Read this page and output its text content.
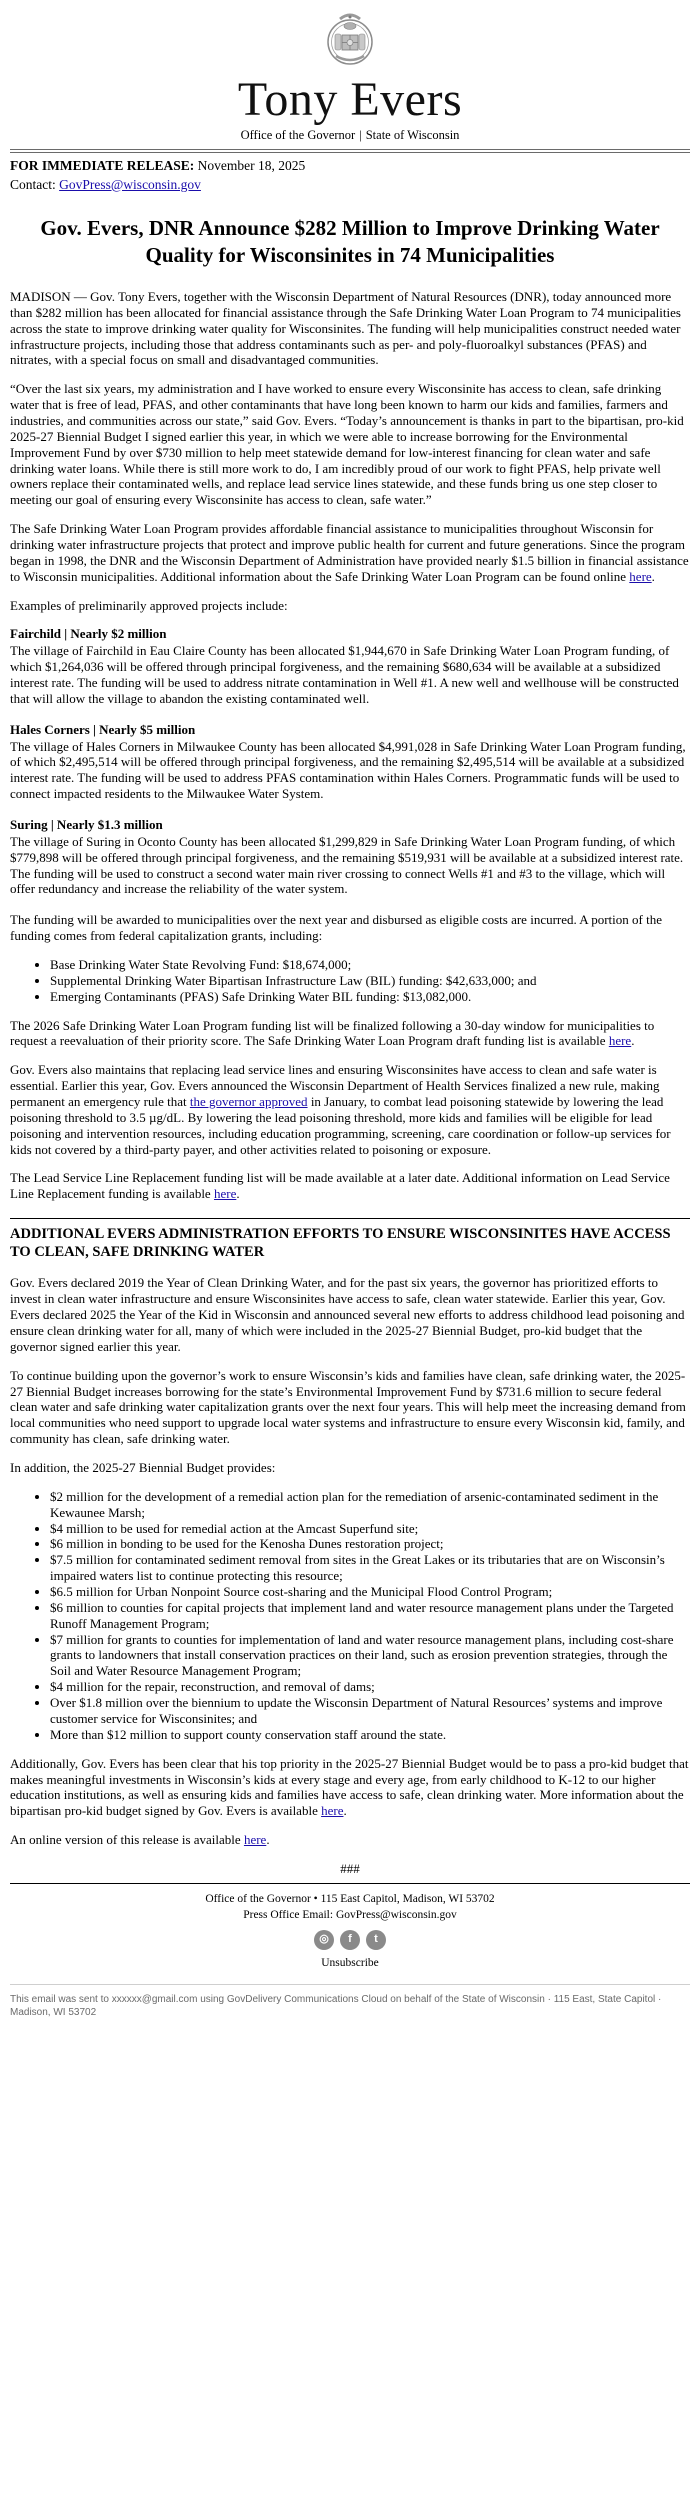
Tony Evers
Office of the Governor | State of Wisconsin
FOR IMMEDIATE RELEASE: November 18, 2025
Contact: GovPress@wisconsin.gov
Gov. Evers, DNR Announce $282 Million to Improve Drinking Water Quality for Wisconsinites in 74 Municipalities

MADISON — Gov. Tony Evers, together with the Wisconsin Department of Natural Resources (DNR), today announced more than $282 million has been allocated for financial assistance through the Safe Drinking Water Loan Program to 74 municipalities across the state to improve drinking water quality for Wisconsinites. The funding will help municipalities construct needed water infrastructure projects, including those that address contaminants such as per- and poly-fluoroalkyl substances (PFAS) and nitrates, with a special focus on small and disadvantaged communities.

“Over the last six years, my administration and I have worked to ensure every Wisconsinite has access to clean, safe drinking water that is free of lead, PFAS, and other contaminants that have long been known to harm our kids and families, farmers and industries, and communities across our state,” said Gov. Evers. “Today’s announcement is thanks in part to the bipartisan, pro-kid 2025-27 Biennial Budget I signed earlier this year, in which we were able to increase borrowing for the Environmental Improvement Fund by over $730 million to help meet statewide demand for low-interest financing for clean water and safe drinking water loans. While there is still more work to do, I am incredibly proud of our work to fight PFAS, help private well owners replace their contaminated wells, and replace lead service lines statewide, and these funds bring us one step closer to meeting our goal of ensuring every Wisconsinite has access to clean, safe water.”

The Safe Drinking Water Loan Program provides affordable financial assistance to municipalities throughout Wisconsin for drinking water infrastructure projects that protect and improve public health for current and future generations. Since the program began in 1998, the DNR and the Wisconsin Department of Administration have provided nearly $1.5 billion in financial assistance to Wisconsin municipalities. Additional information about the Safe Drinking Water Loan Program can be found online here.

Examples of preliminarily approved projects include:

Fairchild | Nearly $2 million
The village of Fairchild in Eau Claire County has been allocated $1,944,670 in Safe Drinking Water Loan Program funding, of which $1,264,036 will be offered through principal forgiveness, and the remaining $680,634 will be available at a subsidized interest rate. The funding will be used to address nitrate contamination in Well #1. A new well and wellhouse will be constructed that will allow the village to abandon the existing contaminated well.
Hales Corners | Nearly $5 million
The village of Hales Corners in Milwaukee County has been allocated $4,991,028 in Safe Drinking Water Loan Program funding, of which $2,495,514 will be offered through principal forgiveness, and the remaining $2,495,514 will be available at a subsidized interest rate. The funding will be used to address PFAS contamination within Hales Corners. Programmatic funds will be used to connect impacted residents to the Milwaukee Water System.
Suring | Nearly $1.3 million
The village of Suring in Oconto County has been allocated $1,299,829 in Safe Drinking Water Loan Program funding, of which $779,898 will be offered through principal forgiveness, and the remaining $519,931 will be available at a subsidized interest rate. The funding will be used to construct a second water main river crossing to connect Wells #1 and #3 to the village, which will offer redundancy and increase the reliability of the water system.

The funding will be awarded to municipalities over the next year and disbursed as eligible costs are incurred. A portion of the funding comes from federal capitalization grants, including:

• Base Drinking Water State Revolving Fund: $18,674,000;
• Supplemental Drinking Water Bipartisan Infrastructure Law (BIL) funding: $42,633,000; and
• Emerging Contaminants (PFAS) Safe Drinking Water BIL funding: $13,082,000.

The 2026 Safe Drinking Water Loan Program funding list will be finalized following a 30-day window for municipalities to request a reevaluation of their priority score. The Safe Drinking Water Loan Program draft funding list is available here.

Gov. Evers also maintains that replacing lead service lines and ensuring Wisconsinites have access to clean and safe water is essential. Earlier this year, Gov. Evers announced the Wisconsin Department of Health Services finalized a new rule, making permanent an emergency rule that the governor approved in January, to combat lead poisoning statewide by lowering the lead poisoning threshold to 3.5 µg/dL. By lowering the lead poisoning threshold, more kids and families will be eligible for lead poisoning and intervention resources, including education programming, screening, care coordination or follow-up services for kids not covered by a third-party payer, and other activities related to poisoning or exposure.

The Lead Service Line Replacement funding list will be made available at a later date. Additional information on Lead Service Line Replacement funding is available here.

ADDITIONAL EVERS ADMINISTRATION EFFORTS TO ENSURE WISCONSINITES HAVE ACCESS TO CLEAN, SAFE DRINKING WATER

Gov. Evers declared 2019 the Year of Clean Drinking Water, and for the past six years, the governor has prioritized efforts to invest in clean water infrastructure and ensure Wisconsinites have access to safe, clean water statewide. Earlier this year, Gov. Evers declared 2025 the Year of the Kid in Wisconsin and announced several new efforts to address childhood lead poisoning and ensure clean drinking water for all, many of which were included in the 2025-27 Biennial Budget, pro-kid budget that the governor signed earlier this year.

To continue building upon the governor’s work to ensure Wisconsin’s kids and families have clean, safe drinking water, the 2025-27 Biennial Budget increases borrowing for the state’s Environmental Improvement Fund by $731.6 million to secure federal clean water and safe drinking water capitalization grants over the next four years. This will help meet the increasing demand from local communities who need support to upgrade local water systems and infrastructure to ensure every Wisconsin kid, family, and community has clean, safe drinking water.

In addition, the 2025-27 Biennial Budget provides:

• $2 million for the development of a remedial action plan for the remediation of arsenic-contaminated sediment in the Kewaunee Marsh;
• $4 million to be used for remedial action at the Amcast Superfund site;
• $6 million in bonding to be used for the Kenosha Dunes restoration project;
• $7.5 million for contaminated sediment removal from sites in the Great Lakes or its tributaries that are on Wisconsin’s impaired waters list to continue protecting this resource;
• $6.5 million for Urban Nonpoint Source cost-sharing and the Municipal Flood Control Program;
• $6 million to counties for capital projects that implement land and water resource management plans under the Targeted Runoff Management Program;
• $7 million for grants to counties for implementation of land and water resource management plans, including cost-share grants to landowners that install conservation practices on their land, such as erosion prevention strategies, through the Soil and Water Resource Management Program;
• $4 million for the repair, reconstruction, and removal of dams;
• Over $1.8 million over the biennium to update the Wisconsin Department of Natural Resources’ systems and improve customer service for Wisconsinites; and
• More than $12 million to support county conservation staff around the state.

Additionally, Gov. Evers has been clear that his top priority in the 2025-27 Biennial Budget would be to pass a pro-kid budget that makes meaningful investments in Wisconsin’s kids at every stage and every age, from early childhood to K-12 to our higher education institutions, as well as ensuring kids and families have access to safe, clean drinking water. More information about the bipartisan pro-kid budget signed by Gov. Evers is available here.

An online version of this release is available here.

###
Office of the Governor • 115 East Capitol, Madison, WI 53702
Press Office Email: GovPress@wisconsin.gov
◎	f	t
Unsubscribe
This email was sent to xxxxxx@gmail.com using GovDelivery Communications Cloud on behalf of the State of Wisconsin · 115 East, State Capitol · Madison, WI 53702
